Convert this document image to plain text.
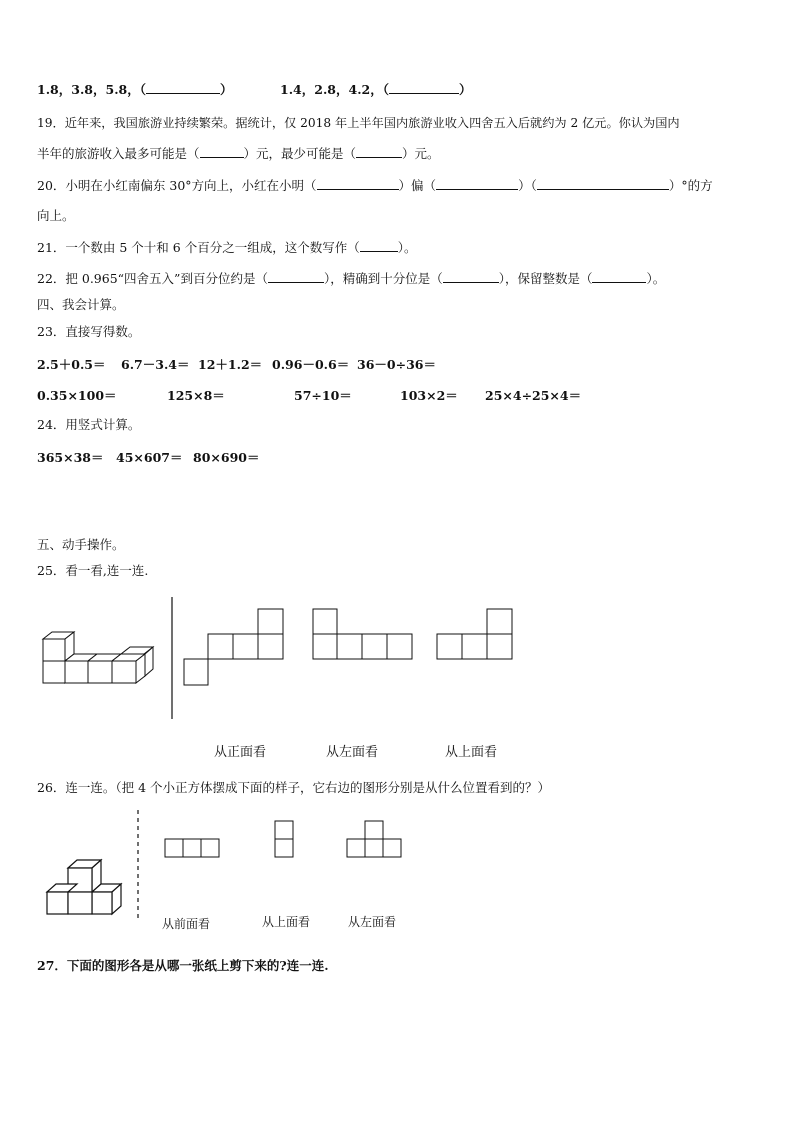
1.8，3.8，5.8，（	）	1.4，2.8，4.2，（	）
19．近年来，我国旅游业持续繁荣。据统计，仅 2018 年上半年国内旅游业收入四舍五入后就约为 2 亿元。你认为国内
半年的旅游收入最多可能是（	）元，最少可能是（	）元。
20．小明在小红南偏东 30°方向上，小红在小明（	）偏（	）（	）°的方
向上。
21．一个数由 5 个十和 6 个百分之一组成，这个数写作（	）。
22．把 0.965“四舍五入”到百分位约是（	），精确到十分位是（	），保留整数是（	）。
四、我会计算。
23．直接写得数。
2.5＋0.5＝ 6.7－3.4＝ 12＋1.2＝ 0.96－0.6＝ 36－0÷36＝
0.35×100＝	125×8＝	57÷10＝	103×2＝ 25×4÷25×4＝
24．用竖式计算。
365×38＝ 45×607＝ 80×690＝
五、动手操作。
25．看一看,连一连.
从正面看	从左面看	从上面看
26．连一连。（把 4 个小正方体摆成下面的样子，它右边的图形分别是从什么位置看到的？）
从前面看	从上面看	从左面看
27．下面的图形各是从哪一张纸上剪下来的?连一连.
